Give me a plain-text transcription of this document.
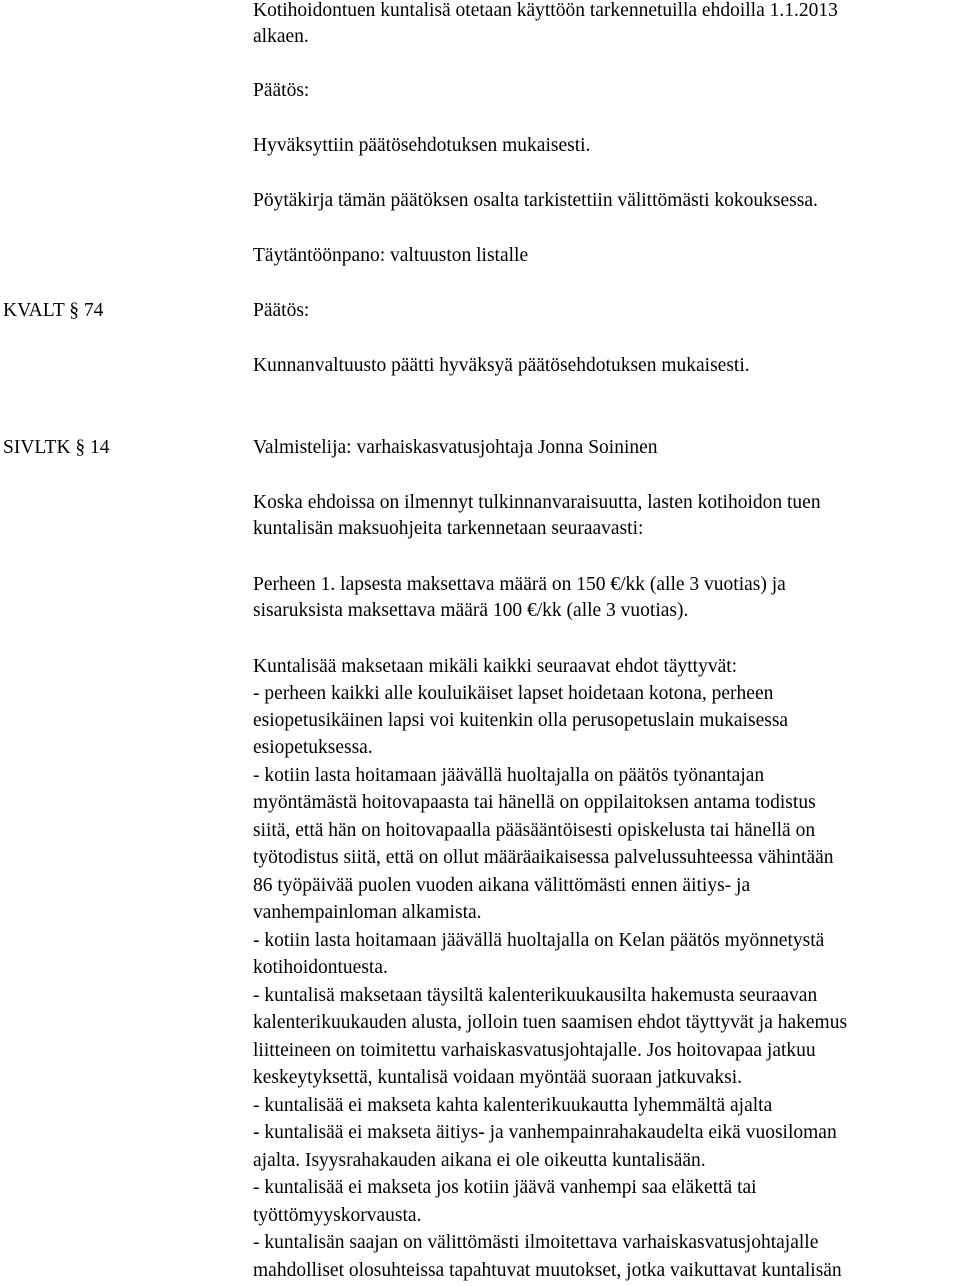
Kotihoidontuen kuntalisä otetaan käyttöön tarkennetuilla ehdoilla 1.1.2013
alkaen.
Päätös:
Hyväksyttiin päätösehdotuksen mukaisesti.
Pöytäkirja tämän päätöksen osalta tarkistettiin välittömästi kokouksessa.
Täytäntöönpano: valtuuston listalle
KVALT § 74	Päätös:
Kunnanvaltuusto päätti hyväksyä päätösehdotuksen mukaisesti.
SIVLTK § 14	Valmistelija: varhaiskasvatusjohtaja Jonna Soininen
Koska ehdoissa on ilmennyt tulkinnanvaraisuutta, lasten kotihoidon tuen
kuntalisän maksuohjeita tarkennetaan seuraavasti:
Perheen 1. lapsesta maksettava määrä on 150 €/kk (alle 3 vuotias) ja
sisaruksista maksettava määrä 100 €/kk (alle 3 vuotias).
Kuntalisää maksetaan mikäli kaikki seuraavat ehdot täyttyvät:
- perheen kaikki alle kouluikäiset lapset hoidetaan kotona, perheen
esiopetusikäinen lapsi voi kuitenkin olla perusopetuslain mukaisessa
esiopetuksessa.
- kotiin lasta hoitamaan jäävällä huoltajalla on päätös työnantajan
myöntämästä hoitovapaasta tai hänellä on oppilaitoksen antama todistus
siitä, että hän on hoitovapaalla pääsääntöisesti opiskelusta tai hänellä on
työtodistus siitä, että on ollut määräaikaisessa palvelussuhteessa vähintään
86 työpäivää puolen vuoden aikana välittömästi ennen äitiys- ja
vanhempainloman alkamista.
- kotiin lasta hoitamaan jäävällä huoltajalla on Kelan päätös myönnetystä
kotihoidontuesta.
- kuntalisä maksetaan täysiltä kalenterikuukausilta hakemusta seuraavan
kalenterikuukauden alusta, jolloin tuen saamisen ehdot täyttyvät ja hakemus
liitteineen on toimitettu varhaiskasvatusjohtajalle. Jos hoitovapaa jatkuu
keskeytyksettä, kuntalisä voidaan myöntää suoraan jatkuvaksi.
- kuntalisää ei makseta kahta kalenterikuukautta lyhemmältä ajalta
- kuntalisää ei makseta äitiys- ja vanhempainrahakaudelta eikä vuosiloman
ajalta. Isyysrahakauden aikana ei ole oikeutta kuntalisään.
- kuntalisää ei makseta jos kotiin jäävä vanhempi saa eläkettä tai
työttömyyskorvausta.
- kuntalisän saajan on välittömästi ilmoitettava varhaiskasvatusjohtajalle
mahdolliset olosuhteissa tapahtuvat muutokset, jotka vaikuttavat kuntalisän
